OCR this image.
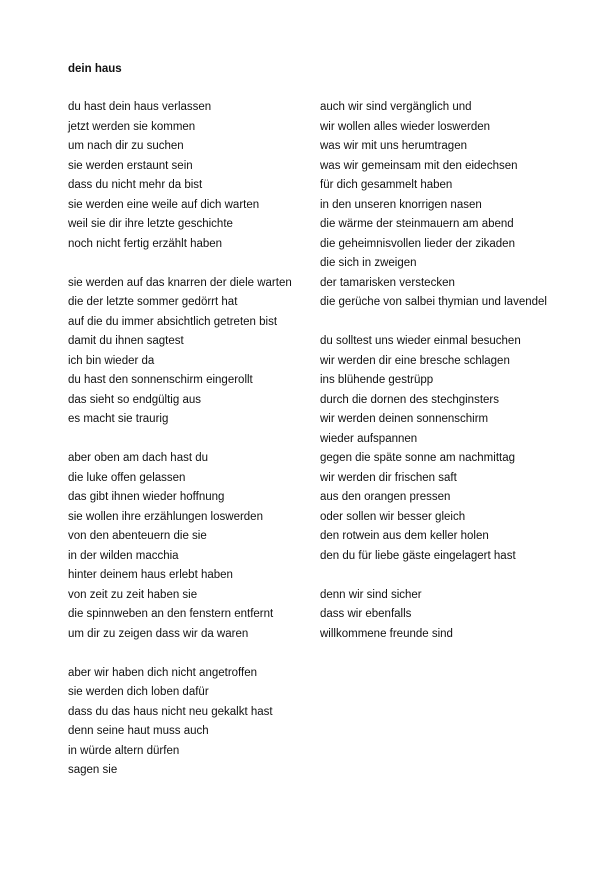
dein haus
du hast dein haus verlassen
jetzt werden sie kommen
um nach dir zu suchen
sie werden erstaunt sein
dass du nicht mehr da bist
sie werden eine weile auf dich warten
weil sie dir ihre letzte geschichte
noch nicht fertig erzählt haben
sie werden auf das knarren der diele warten
die der letzte sommer gedörrt hat
auf die du immer absichtlich getreten bist
damit du ihnen sagtest
ich bin wieder da
du hast den sonnenschirm eingerollt
das sieht so endgültig aus
es macht sie traurig
aber oben am dach hast du
die luke offen gelassen
das gibt ihnen wieder hoffnung
sie wollen ihre erzählungen loswerden
von den abenteuern die sie
in der wilden macchia
hinter deinem haus erlebt haben
von zeit zu zeit haben sie
die spinnweben an den fenstern entfernt
um dir zu zeigen dass wir da waren
aber wir haben dich nicht angetroffen
sie werden dich loben dafür
dass du das haus nicht neu gekalkt hast
denn seine haut muss auch
in würde altern dürfen
sagen sie
auch wir sind vergänglich und
wir wollen alles wieder loswerden
was wir mit uns herumtragen
was wir gemeinsam mit den eidechsen
für dich gesammelt haben
in den unseren knorrigen nasen
die wärme der steinmauern am abend
die geheimnisvollen lieder der zikaden
die sich in zweigen
der tamarisken verstecken
die gerüche von salbei thymian und lavendel
du solltest uns wieder einmal besuchen
wir werden dir eine bresche schlagen
ins blühende gestrüpp
durch die dornen des stechginsters
wir werden deinen sonnenschirm
wieder aufspannen
gegen die späte sonne am nachmittag
wir werden dir frischen saft
aus den orangen pressen
oder sollen wir besser gleich
den rotwein aus dem keller holen
den du für liebe gäste eingelagert hast
denn wir sind sicher
dass wir ebenfalls
willkommene freunde sind
